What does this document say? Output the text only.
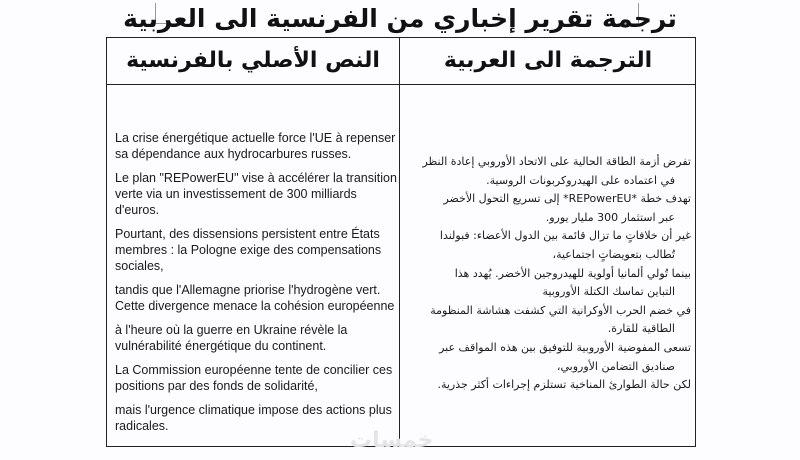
ترجمة تقرير إخباري من الفرنسية الى العربية
النص الأصلي بالفرنسية	الترجمة الى العربية

La crise énergétique actuelle force l'UE à repenser
sa dépendance aux hydrocarbures russes.

Le plan "REPowerEU" vise à accélérer la transition
verte via un investissement de 300 milliards
d'euros.

Pourtant, des dissensions persistent entre États
membres : la Pologne exige des compensations
sociales,

tandis que l'Allemagne priorise l'hydrogène vert.
Cette divergence menace la cohésion européenne

à l'heure où la guerre en Ukraine révèle la
vulnérabilité énergétique du continent.

La Commission européenne tente de concilier ces
positions par des fonds de solidarité,

mais l'urgence climatique impose des actions plus
radicales.

تفرض أزمة الطاقة الحالية على الاتحاد الأوروبي إعادة النظر
في اعتماده على الهيدروكربونات الروسية.
تهدف خطة *REPowerEU* إلى تسريع التحول الأخضر
عبر استثمار 300 مليار يورو.
غير أن خلافاتٍ ما تزال قائمة بين الدول الأعضاء: فبولندا
تُطالب بتعويضاتٍ اجتماعية،
بينما تُولي ألمانيا أولوية للهيدروجين الأخضر. يُهدد هذا
التباين تماسك الكتلة الأوروبية
في خضم الحرب الأوكرانية التي كشفت هشاشة المنظومة
الطاقية للقارة.
تسعى المفوضية الأوروبية للتوفيق بين هذه المواقف عبر
صناديق التضامن الأوروبي،
لكن حالة الطوارئ المناخية تستلزم إجراءات أكثر جذرية.
خمسات
